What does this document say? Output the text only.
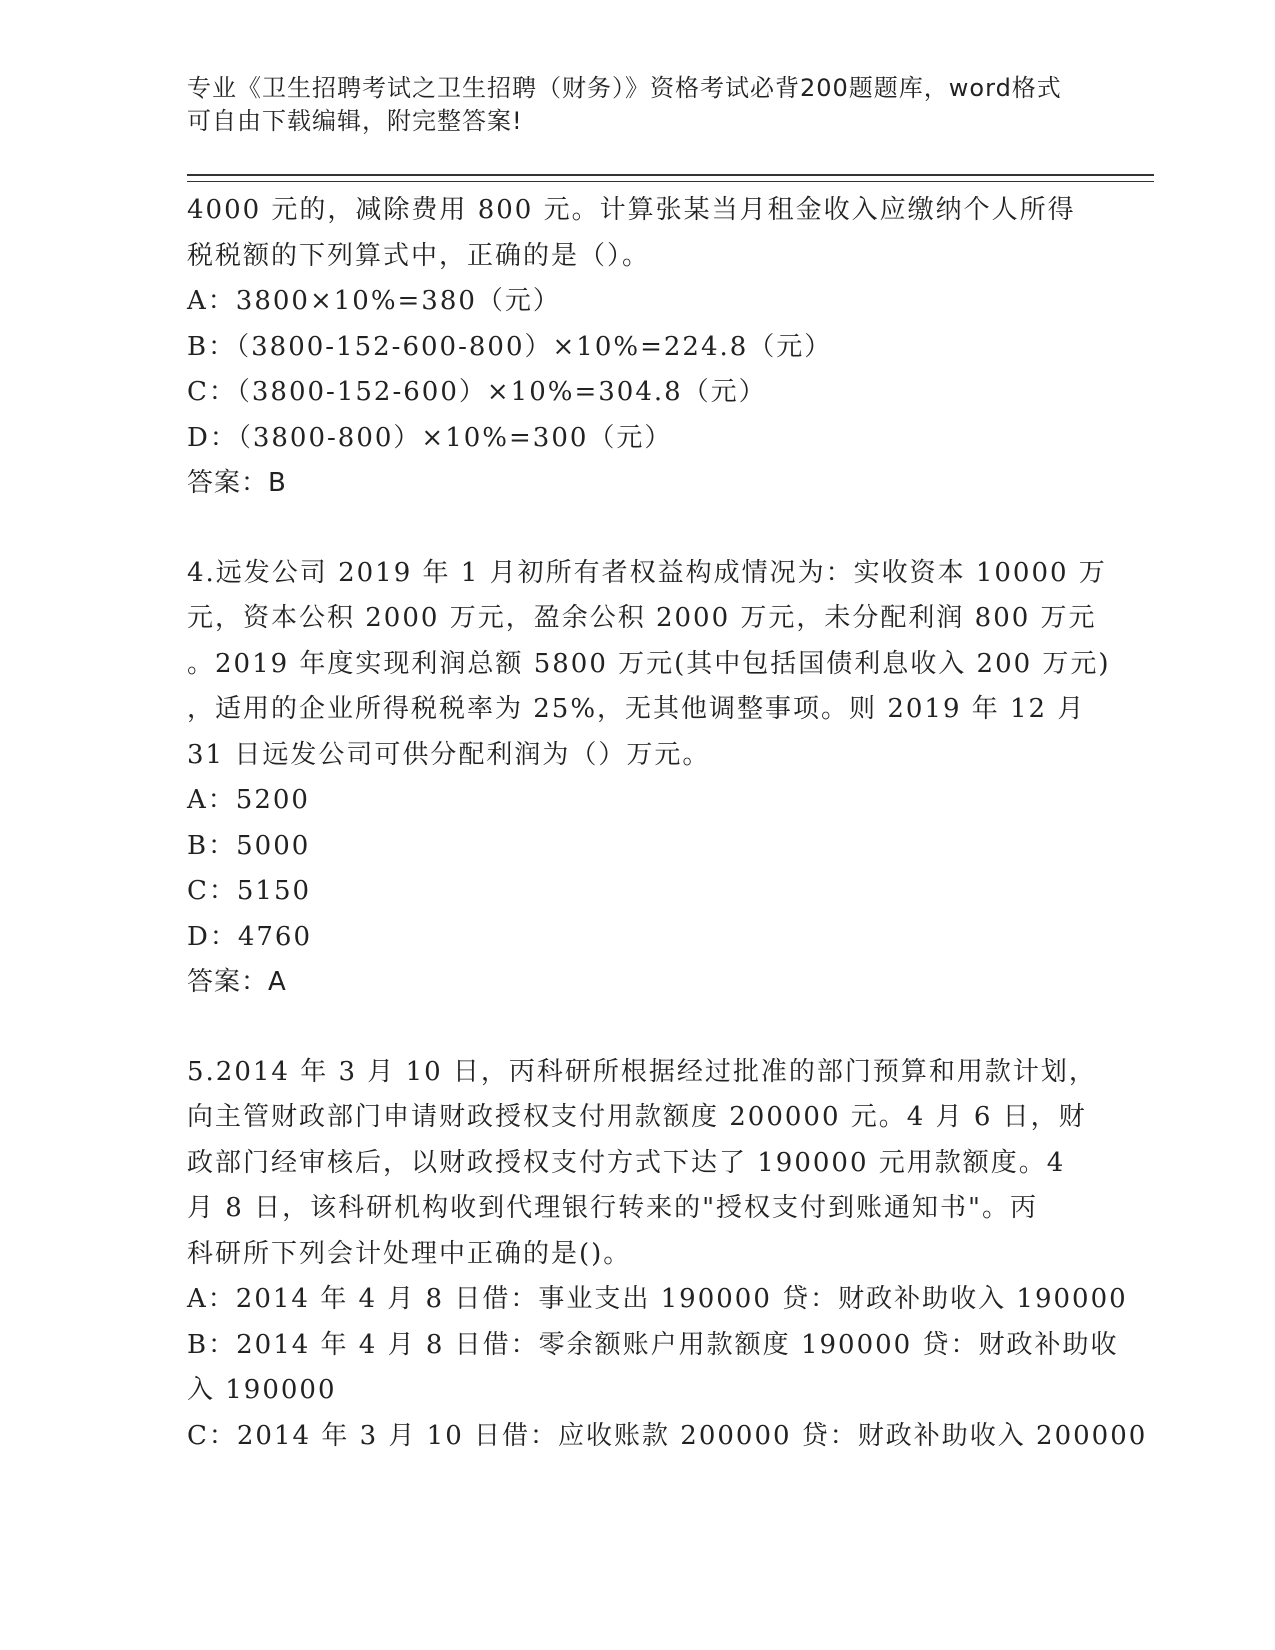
专业《卫生招聘考试之卫生招聘（财务）》资格考试必背200题题库，word格式
可自由下载编辑，附完整答案!
4000 元的，减除费用 800 元。计算张某当月租金收入应缴纳个人所得
税税额的下列算式中，正确的是（）。
A：3800×10%=380（元）
B：（3800-152-600-800）×10%=224.8（元）
C：（3800-152-600）×10%=304.8（元）
D：（3800-800）×10%=300（元）
答案：B
4.远发公司 2019 年 1 月初所有者权益构成情况为：实收资本 10000 万
元，资本公积 2000 万元，盈余公积 2000 万元，未分配利润 800 万元
。2019 年度实现利润总额 5800 万元(其中包括国债利息收入 200 万元)
，适用的企业所得税税率为 25%，无其他调整事项。则 2019 年 12 月
31 日远发公司可供分配利润为（）万元。
A：5200
B：5000
C：5150
D：4760
答案：A
5.2014 年 3 月 10 日，丙科研所根据经过批准的部门预算和用款计划，
向主管财政部门申请财政授权支付用款额度 200000 元。4 月 6 日，财
政部门经审核后，以财政授权支付方式下达了 190000 元用款额度。4
月 8 日，该科研机构收到代理银行转来的"授权支付到账通知书"。丙
科研所下列会计处理中正确的是()。
A：2014 年 4 月 8 日借：事业支出 190000 贷：财政补助收入 190000
B：2014 年 4 月 8 日借：零余额账户用款额度 190000 贷：财政补助收
入 190000
C：2014 年 3 月 10 日借：应收账款 200000 贷：财政补助收入 200000
